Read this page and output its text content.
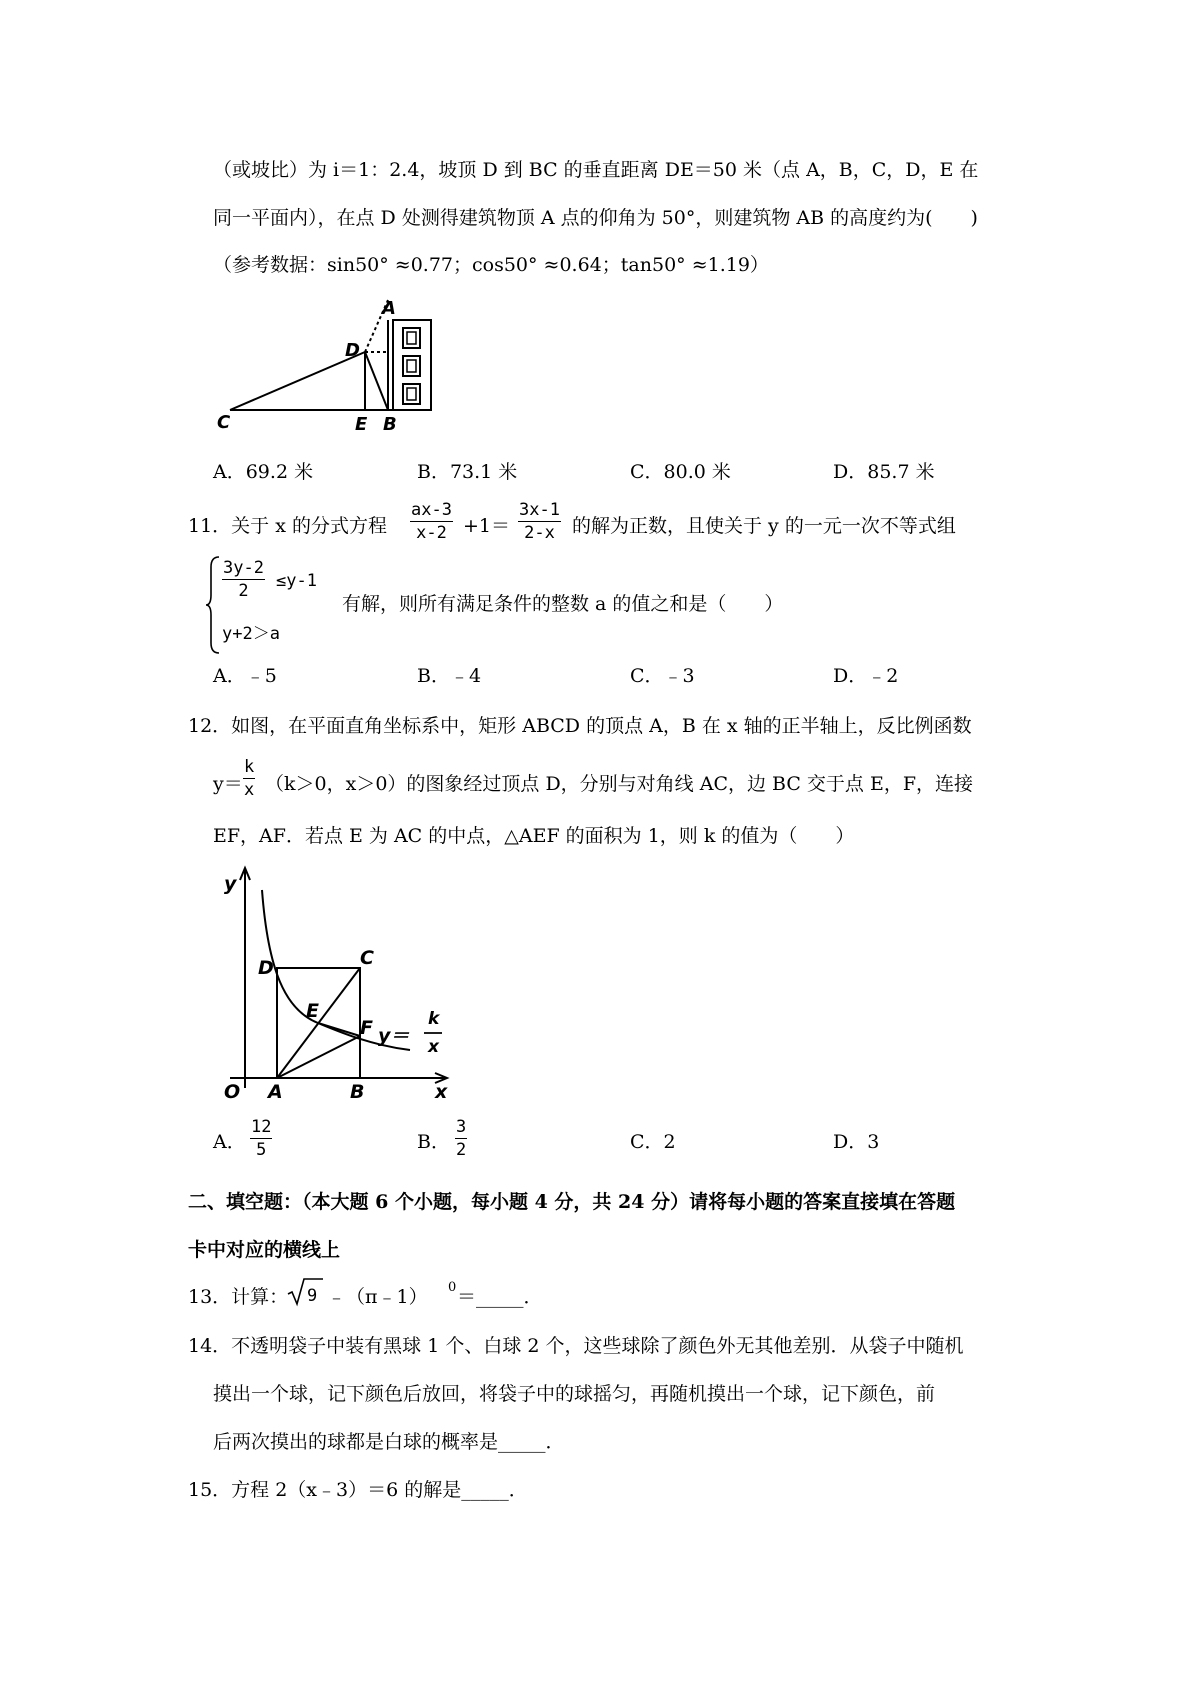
（或坡比）为 i＝1：2.4，坡顶 D 到 BC 的垂直距离 DE＝50 米（点 A，B，C，D，E 在
同一平面内），在点 D 处测得建筑物顶 A 点的仰角为 50°，则建筑物 AB 的高度约为(　　)
（参考数据：sin50° ≈0.77；cos50° ≈0.64；tan50° ≈1.19）
A
D
C	E B
A．69.2 米	B．73.1 米	C．80.0 米	D．85.7 米
11．关于 x 的分式方程 $\frac{ax-3}{x-2} +1= \frac{3x-1}{2-x}$ 的解为正数，且使关于 y 的一元一次不等式组
$\frac{3y-2}{2} \le y-1$
y+2＞a
有解，则所有满足条件的整数 a 的值之和是（　　）
A．﹣5	B．﹣4	C．﹣3	D．﹣2
12．如图，在平面直角坐标系中，矩形 ABCD 的顶点 A，B 在 x 轴的正半轴上，反比例函数
$y= \frac{k}{x} (k>0$，x＞0）的图象经过顶点 D，分别与对角线 AC，边 BC 交于点 E，F，连接
EF，AF．若点 E 为 AC 的中点，△AEF 的面积为 1，则 k 的值为（　　）
y
x
O A	B
C
D
E
F y＝
k
x
A． $\frac{12}{5}$	B． $\frac{3}{2}$	C．2	D．3
二、填空题：（本大题 6 个小题，每小题 4 分，共 24 分）请将每小题的答案直接填在答题
卡中对应的横线上
13．计算： 9 ﹣（π﹣1） 0 ＝_____．
14．不透明袋子中装有黑球 1 个、白球 2 个，这些球除了颜色外无其他差别．从袋子中随机
摸出一个球，记下颜色后放回，将袋子中的球摇匀，再随机摸出一个球，记下颜色，前
后两次摸出的球都是白球的概率是_____．
15．方程 2（x﹣3）＝6 的解是_____．
